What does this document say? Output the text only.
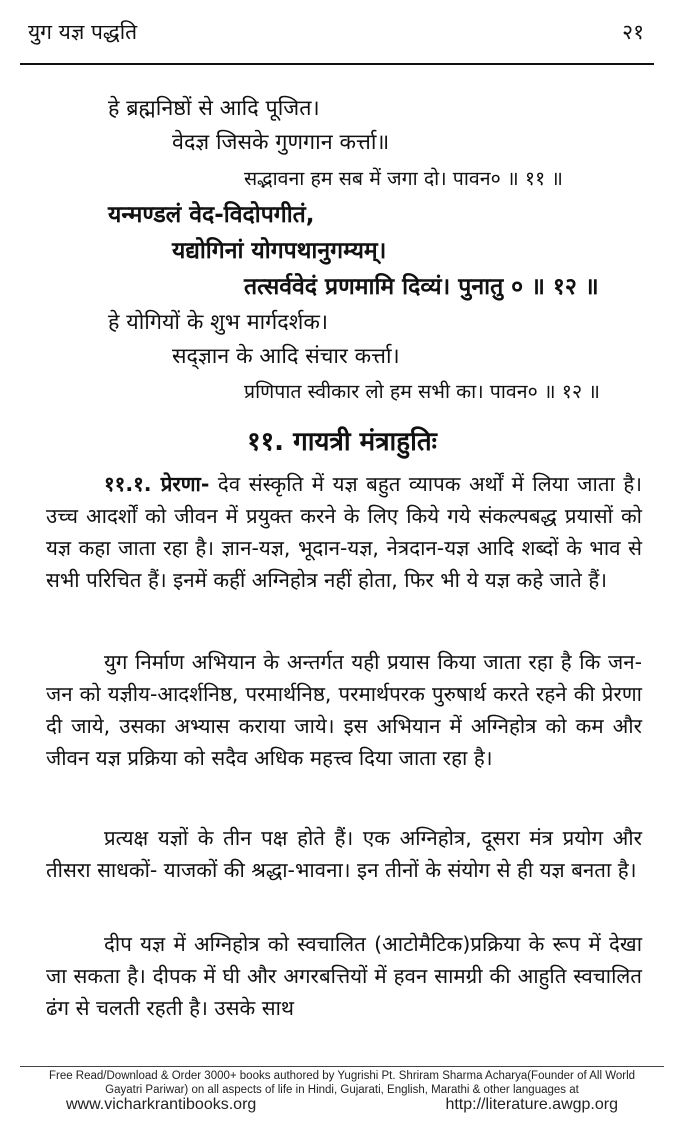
युग यज्ञ पद्धति	२१
हे ब्रह्मनिष्ठों से आदि पूजित।
वेदज्ञ जिसके गुणगान कर्त्ता॥
सद्भावना हम सब में जगा दो। पावन० ॥ ११ ॥
यन्मण्डलं वेद-विदोपगीतं,
यद्योगिनां योगपथानुगम्यम्।
तत्सर्ववेदं प्रणमामि दिव्यं। पुनातु ० ॥ १२ ॥
हे योगियों के शुभ मार्गदर्शक।
सद्ज्ञान के आदि संचार कर्त्ता।
प्रणिपात स्वीकार लो हम सभी का। पावन० ॥ १२ ॥
११. गायत्री मंत्राहुतिः
११.१. प्रेरणा- देव संस्कृति में यज्ञ बहुत व्यापक अर्थों में लिया जाता है। उच्च आदर्शों को जीवन में प्रयुक्त करने के लिए किये गये संकल्पबद्ध प्रयासों को यज्ञ कहा जाता रहा है। ज्ञान-यज्ञ, भूदान-यज्ञ, नेत्रदान-यज्ञ आदि शब्दों के भाव से सभी परिचित हैं। इनमें कहीं अग्निहोत्र नहीं होता, फिर भी ये यज्ञ कहे जाते हैं।
युग निर्माण अभियान के अन्तर्गत यही प्रयास किया जाता रहा है कि जन-जन को यज्ञीय-आदर्शनिष्ठ, परमार्थनिष्ठ, परमार्थपरक पुरुषार्थ करते रहने की प्रेरणा दी जाये, उसका अभ्यास कराया जाये। इस अभियान में अग्निहोत्र को कम और जीवन यज्ञ प्रक्रिया को सदैव अधिक महत्त्व दिया जाता रहा है।
प्रत्यक्ष यज्ञों के तीन पक्ष होते हैं। एक अग्निहोत्र, दूसरा मंत्र प्रयोग और तीसरा साधकों- याजकों की श्रद्धा-भावना। इन तीनों के संयोग से ही यज्ञ बनता है।
दीप यज्ञ में अग्निहोत्र को स्वचालित (आटोमैटिक)प्रक्रिया के रूप में देखा जा सकता है। दीपक में घी और अगरबत्तियों में हवन सामग्री की आहुति स्वचालित ढंग से चलती रहती है। उसके साथ
Free Read/Download & Order 3000+ books authored by Yugrishi Pt. Shriram Sharma Acharya(Founder of All World Gayatri Pariwar) on all aspects of life in Hindi, Gujarati, English, Marathi & other languages at
www.vicharkrantibooks.org	http://literature.awgp.org
